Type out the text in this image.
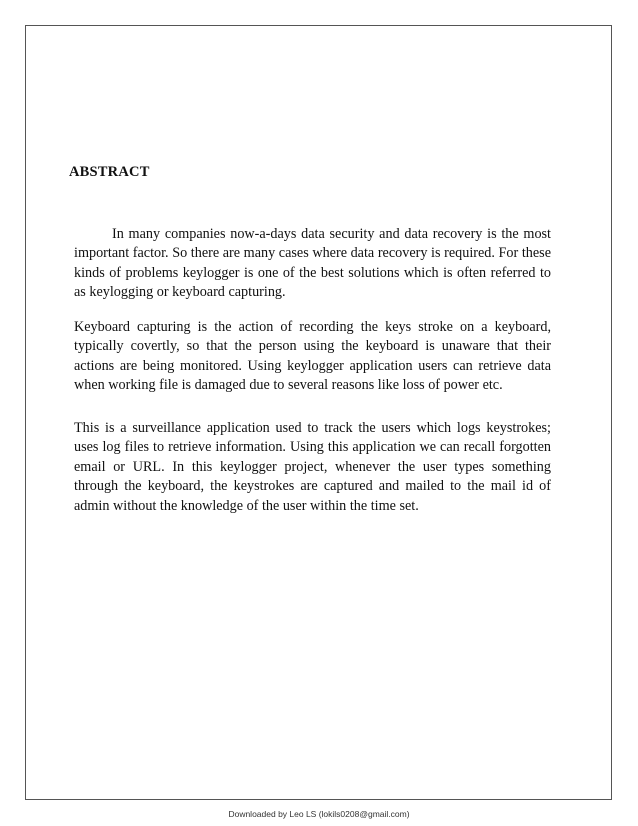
ABSTRACT

In many companies now-a-days data security and data recovery is the most important factor. So there are many cases where data recovery is required. For these kinds of problems keylogger is one of the best solutions which is often referred to as keylogging or keyboard capturing.

Keyboard capturing is the action of recording the keys stroke on a keyboard, typically covertly, so that the person using the keyboard is unaware that their actions are being monitored. Using keylogger application users can retrieve data when working file is damaged due to several reasons like loss of power etc.

This is a surveillance application used to track the users which logs keystrokes; uses log files to retrieve information. Using this application we can recall forgotten email or URL. In this keylogger project, whenever the user types something through the keyboard, the keystrokes are captured and mailed to the mail id of admin without the knowledge of the user within the time set.

Downloaded by Leo LS (lokils0208@gmail.com)
